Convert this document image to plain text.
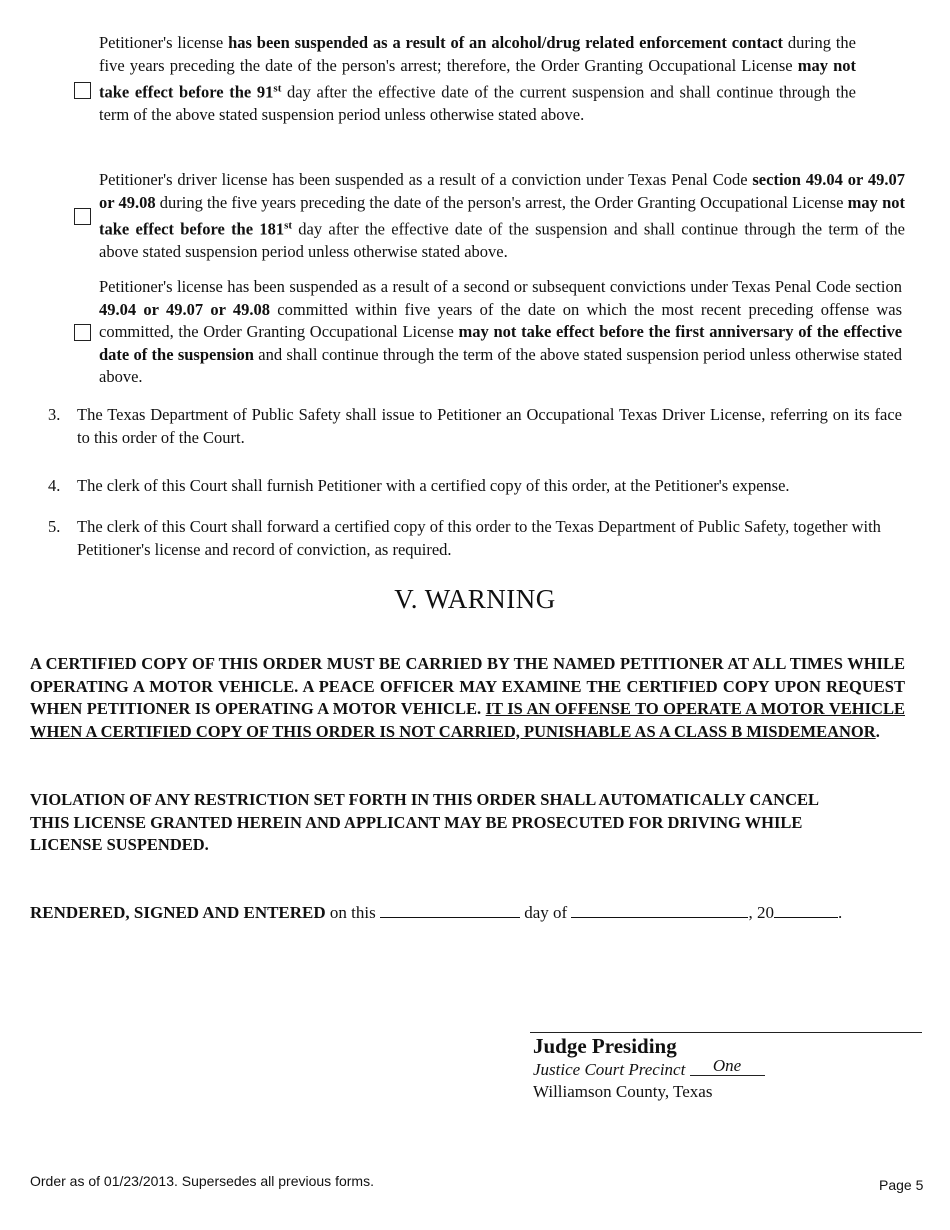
Petitioner's license has been suspended as a result of an alcohol/drug related enforcement contact during the five years preceding the date of the person's arrest; therefore, the Order Granting Occupational License may not take effect before the 91st day after the effective date of the current suspension and shall continue through the term of the above stated suspension period unless otherwise stated above.
Petitioner's driver license has been suspended as a result of a conviction under Texas Penal Code section 49.04 or 49.07 or 49.08 during the five years preceding the date of the person's arrest, the Order Granting Occupational License may not take effect before the 181st day after the effective date of the suspension and shall continue through the term of the above stated suspension period unless otherwise stated above.
Petitioner's license has been suspended as a result of a second or subsequent convictions under Texas Penal Code section 49.04 or 49.07 or 49.08 committed within five years of the date on which the most recent preceding offense was committed, the Order Granting Occupational License may not take effect before the first anniversary of the effective date of the suspension and shall continue through the term of the above stated suspension period unless otherwise stated above.
3. The Texas Department of Public Safety shall issue to Petitioner an Occupational Texas Driver License, referring on its face to this order of the Court.
4. The clerk of this Court shall furnish Petitioner with a certified copy of this order, at the Petitioner's expense.
5. The clerk of this Court shall forward a certified copy of this order to the Texas Department of Public Safety, together with Petitioner's license and record of conviction, as required.
V. WARNING
A CERTIFIED COPY OF THIS ORDER MUST BE CARRIED BY THE NAMED PETITIONER AT ALL TIMES WHILE OPERATING A MOTOR VEHICLE. A PEACE OFFICER MAY EXAMINE THE CERTIFIED COPY UPON REQUEST WHEN PETITIONER IS OPERATING A MOTOR VEHICLE. IT IS AN OFFENSE TO OPERATE A MOTOR VEHICLE WHEN A CERTIFIED COPY OF THIS ORDER IS NOT CARRIED, PUNISHABLE AS A CLASS B MISDEMEANOR.
VIOLATION OF ANY RESTRICTION SET FORTH IN THIS ORDER SHALL AUTOMATICALLY CANCEL THIS LICENSE GRANTED HEREIN AND APPLICANT MAY BE PROSECUTED FOR DRIVING WHILE LICENSE SUSPENDED.
RENDERED, SIGNED AND ENTERED on this	day of	, 20	.
Judge Presiding
Justice Court Precinct One
Williamson County, Texas
Order as of 01/23/2013. Supersedes all previous forms.	Page 5
